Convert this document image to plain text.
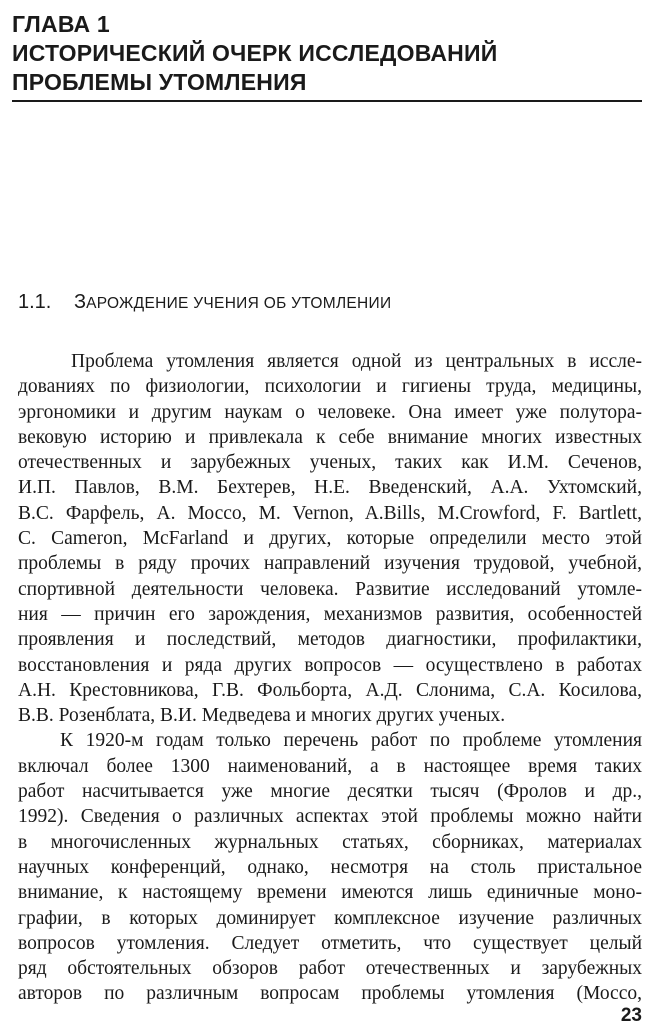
ГЛАВА 1
ИСТОРИЧЕСКИЙ ОЧЕРК ИССЛЕДОВАНИЙ
ПРОБЛЕМЫ УТОМЛЕНИЯ
1.1. ЗАРОЖДЕНИЕ УЧЕНИЯ ОБ УТОМЛЕНИИ
Проблема утомления является одной из центральных в иссле-
дованиях по физиологии, психологии и гигиены труда, медицины,
эргономики и другим наукам о человеке. Она имеет уже полутора-
вековую историю и привлекала к себе внимание многих известных
отечественных и зарубежных ученых, таких как И.М. Сеченов,
И.П. Павлов, В.М. Бехтерев, Н.Е. Введенский, А.А. Ухтомский,
В.С. Фарфель, А. Моссо, M. Vernon, A.Bills, M.Crowford, F. Bartlett,
C. Cameron, McFarland и других, которые определили место этой
проблемы в ряду прочих направлений изучения трудовой, учебной,
спортивной деятельности человека. Развитие исследований утомле-
ния — причин его зарождения, механизмов развития, особенностей
проявления и последствий, методов диагностики, профилактики,
восстановления и ряда других вопросов — осуществлено в работах
А.Н. Крестовникова, Г.В. Фольборта, А.Д. Слонима, С.А. Косилова,
В.В. Розенблата, В.И. Медведева и многих других ученых.
К 1920-м годам только перечень работ по проблеме утомления
включал более 1300 наименований, а в настоящее время таких
работ насчитывается уже многие десятки тысяч (Фролов и др.,
1992). Сведения о различных аспектах этой проблемы можно найти
в многочисленных журнальных статьях, сборниках, материалах
научных конференций, однако, несмотря на столь пристальное
внимание, к настоящему времени имеются лишь единичные моно-
графии, в которых доминирует комплексное изучение различных
вопросов утомления. Следует отметить, что существует целый
ряд обстоятельных обзоров работ отечественных и зарубежных
авторов по различным вопросам проблемы утомления (Моссо,
23
